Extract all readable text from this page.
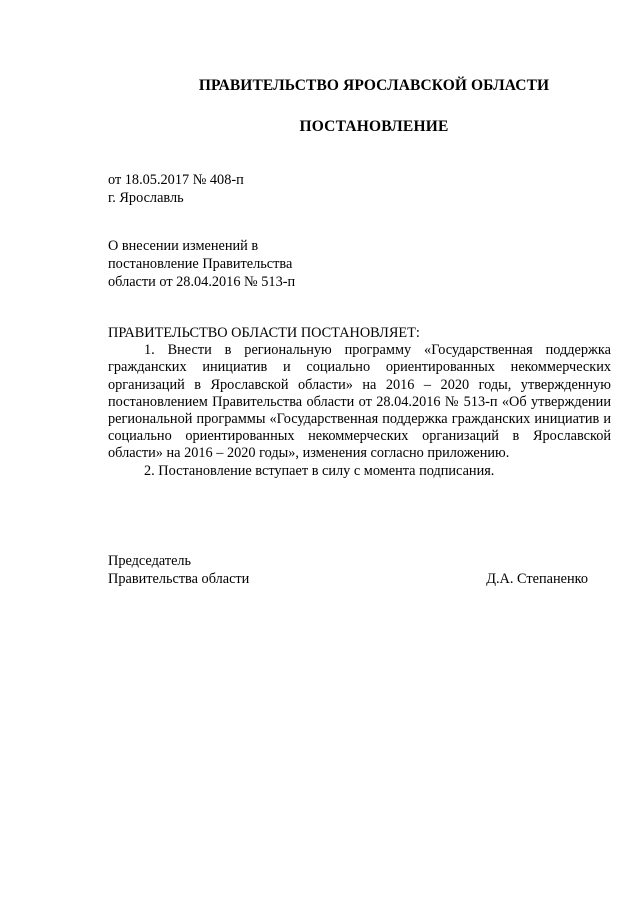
ПРАВИТЕЛЬСТВО ЯРОСЛАВСКОЙ ОБЛАСТИ
ПОСТАНОВЛЕНИЕ
от 18.05.2017 № 408-п
г. Ярославль
О внесении изменений в
постановление Правительства
области от 28.04.2016 № 513-п
ПРАВИТЕЛЬСТВО ОБЛАСТИ ПОСТАНОВЛЯЕТ:

1. Внести в региональную программу «Государственная поддержка гражданских инициатив и социально ориентированных некоммерческих организаций в Ярославской области» на 2016 – 2020 годы, утвержденную постановлением Правительства области от 28.04.2016 № 513-п «Об утверждении региональной программы «Государственная поддержка гражданских инициатив и социально ориентированных некоммерческих организаций в Ярославской области» на 2016 – 2020 годы», изменения согласно приложению.

2. Постановление вступает в силу с момента подписания.

Председатель
Правительства области	Д.А. Степаненко
